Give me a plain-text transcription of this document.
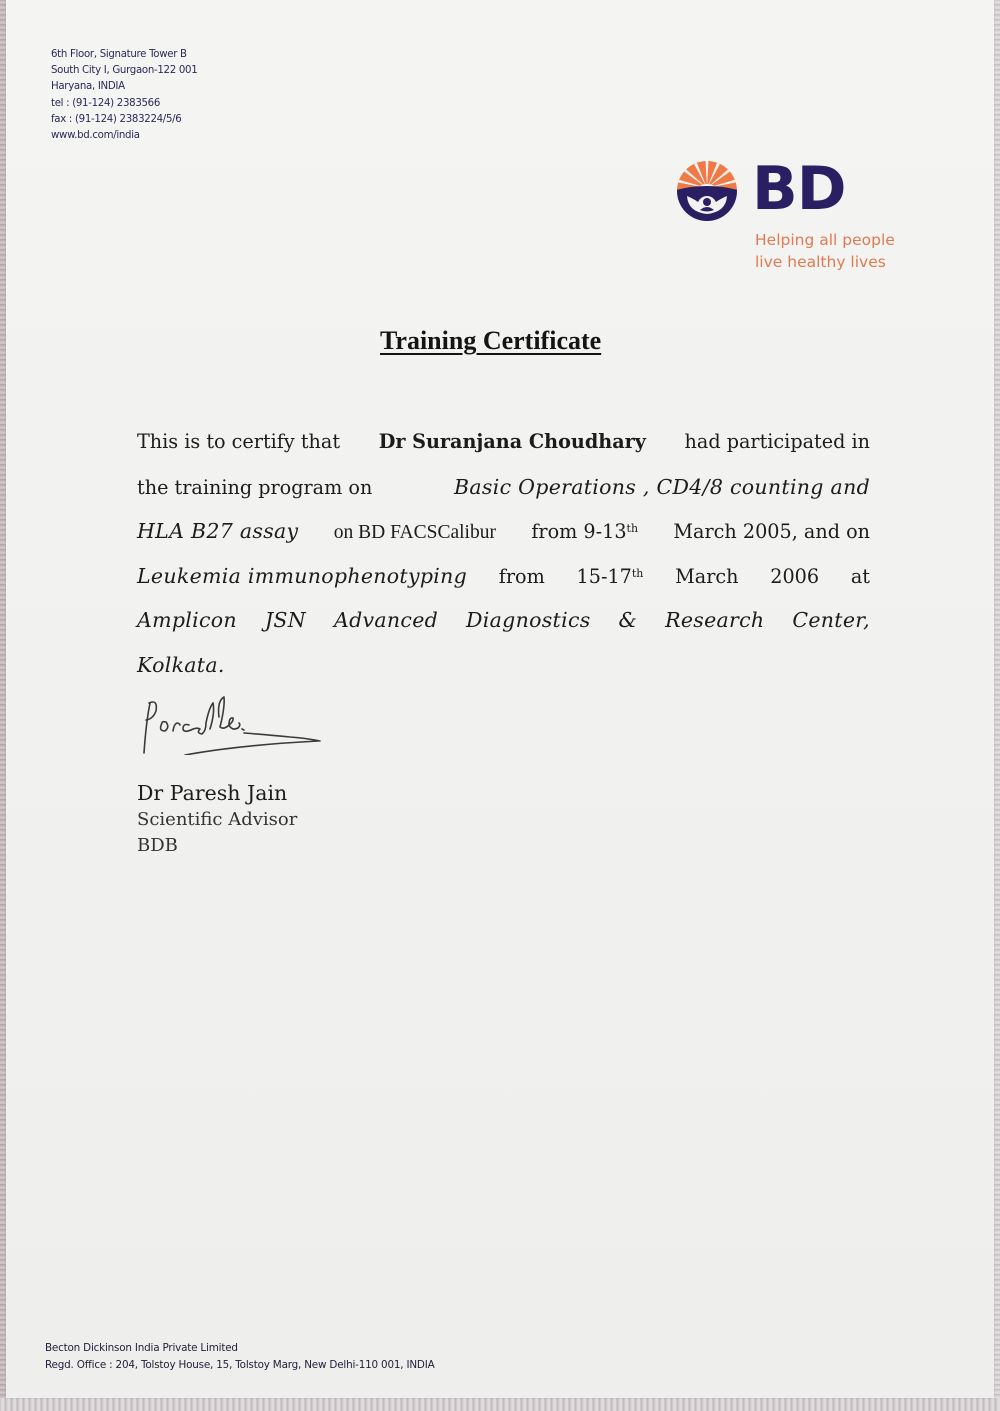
6th Floor, Signature Tower B
South City I, Gurgaon-122 001
Haryana, INDIA
tel : (91-124) 2383566
fax : (91-124) 2383224/5/6
www.bd.com/india
BD
Helping all people
live healthy lives
Training Certificate
This is to certify that Dr Suranjana Choudhary had participated in
the training program on	Basic Operations , CD4/8 counting and
HLA B27 assay on BD FACSCalibur from 9-13th March 2005, and on
Leukemia immunophenotyping from 15-17th March 2006 at
Amplicon JSN Advanced Diagnostics & Research Center,
Kolkata.
Dr Paresh Jain
Scientific Advisor
BDB
Becton Dickinson India Private Limited
Regd. Office : 204, Tolstoy House, 15, Tolstoy Marg, New Delhi-110 001, INDIA
